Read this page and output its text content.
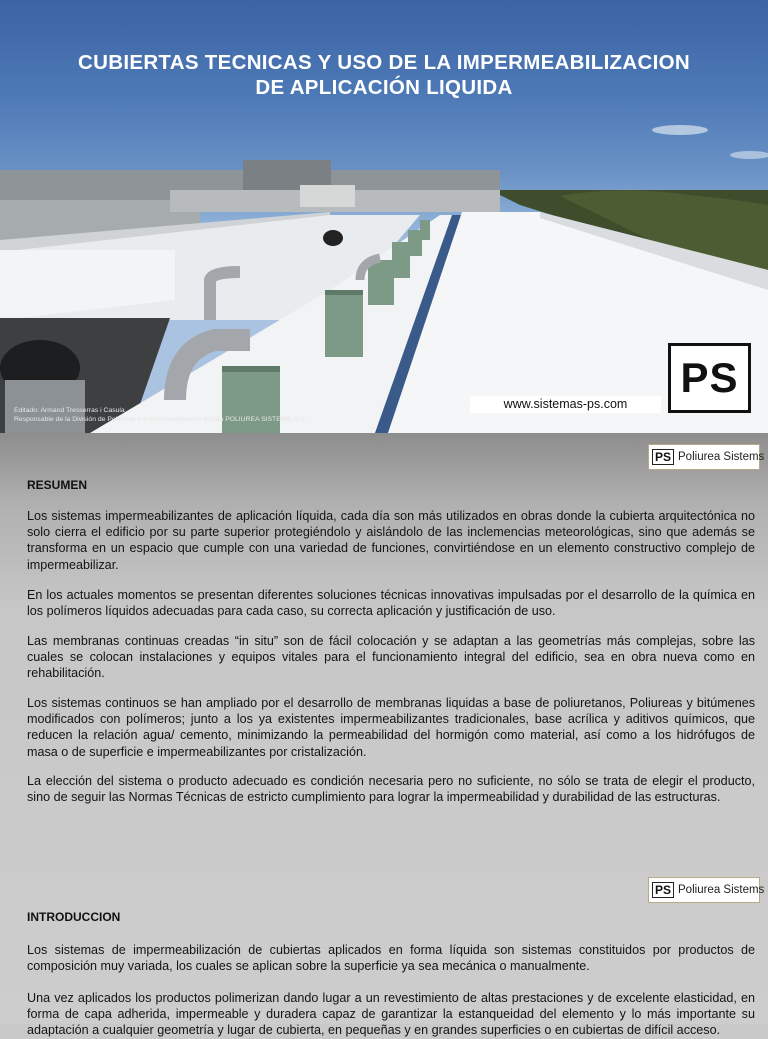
CUBIERTAS TECNICAS Y USO DE LA IMPERMEABILIZACION
DE APLICACIÓN LIQUIDA
PS
www.sistemas-ps.com
Editado: Armand Tresserras i Casula
Responsable de la División de Poliureas e impermeabilización líquida POLIUREA SISTEMS, S.L.
PS Poliurea Sistems
RESUMEN
Los sistemas impermeabilizantes de aplicación líquida, cada día son más utilizados en obras donde la cubierta arquitectónica no solo cierra el edificio por su parte superior protegiéndolo y aislándolo de las inclemencias meteorológicas, sino que además se transforma en un espacio que cumple con una variedad de funciones, convirtiéndose en un elemento constructivo complejo de impermeabilizar.
En los actuales momentos se presentan diferentes soluciones técnicas innovativas impulsadas por el desarrollo de la química en los polímeros líquidos adecuadas para cada caso, su correcta aplicación y justificación de uso.
Las membranas continuas creadas “in situ” son de fácil colocación y se adaptan a las geometrías más complejas, sobre las cuales se colocan instalaciones y equipos vitales para el funcionamiento integral del edificio, sea en obra nueva como en rehabilitación.
Los sistemas continuos se han ampliado por el desarrollo de membranas liquidas a base de poliuretanos, Poliureas y bitúmenes modificados con polímeros; junto a los ya existentes impermeabilizantes tradicionales, base acrílica y aditivos químicos, que reducen la relación agua/ cemento, minimizando la permeabilidad del hormigón como material, así como a los hidrófugos de masa o de superficie e impermeabilizantes por cristalización.
La elección del sistema o producto adecuado es condición necesaria pero no suficiente, no sólo se trata de elegir el producto, sino de seguir las Normas Técnicas de estricto cumplimiento para lograr la impermeabilidad y durabilidad de las estructuras.
PS Poliurea Sistems
INTRODUCCION
Los sistemas de impermeabilización de cubiertas aplicados en forma líquida son sistemas constituidos por productos de composición muy variada, los cuales se aplican sobre la superficie ya sea mecánica o manualmente.
Una vez aplicados los productos polimerizan dando lugar a un revestimiento de altas prestaciones y de excelente elasticidad, en forma de capa adherida, impermeable y duradera capaz de garantizar la estanqueidad del elemento y lo más importante su adaptación a cualquier geometría y lugar de cubierta, en pequeñas y en grandes superficies o en cubiertas de difícil acceso.
